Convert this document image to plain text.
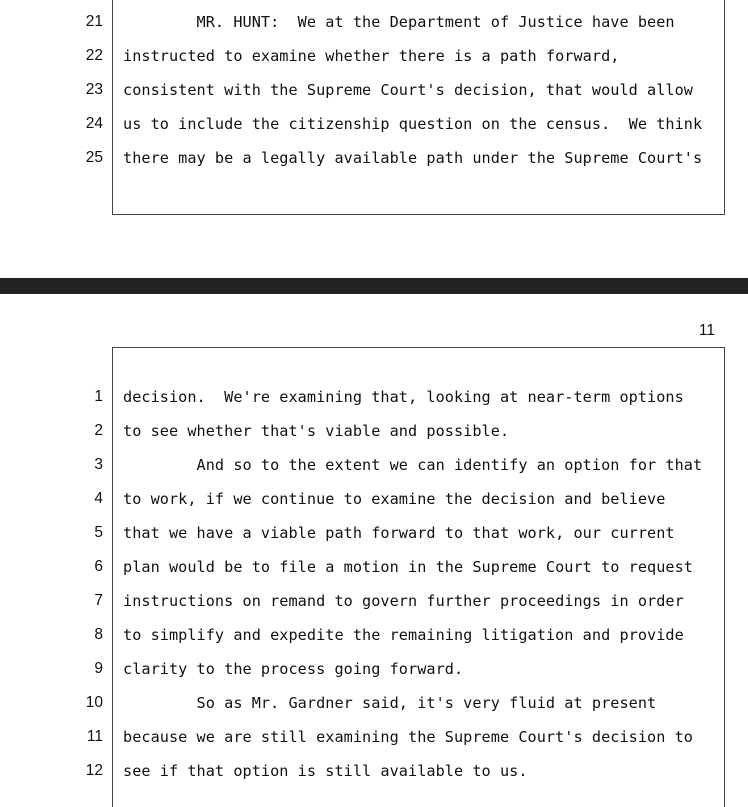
21 MR. HUNT:  We at the Department of Justice have been
22 instructed to examine whether there is a path forward,
23 consistent with the Supreme Court's decision, that would allow
24 us to include the citizenship question on the census.  We think
25 there may be a legally available path under the Supreme Court's
11
1 decision.  We're examining that, looking at near-term options
2 to see whether that's viable and possible.
3 And so to the extent we can identify an option for that
4 to work, if we continue to examine the decision and believe
5 that we have a viable path forward to that work, our current
6 plan would be to file a motion in the Supreme Court to request
7 instructions on remand to govern further proceedings in order
8 to simplify and expedite the remaining litigation and provide
9 clarity to the process going forward.
10 So as Mr. Gardner said, it's very fluid at present
11 because we are still examining the Supreme Court's decision to
12 see if that option is still available to us.
